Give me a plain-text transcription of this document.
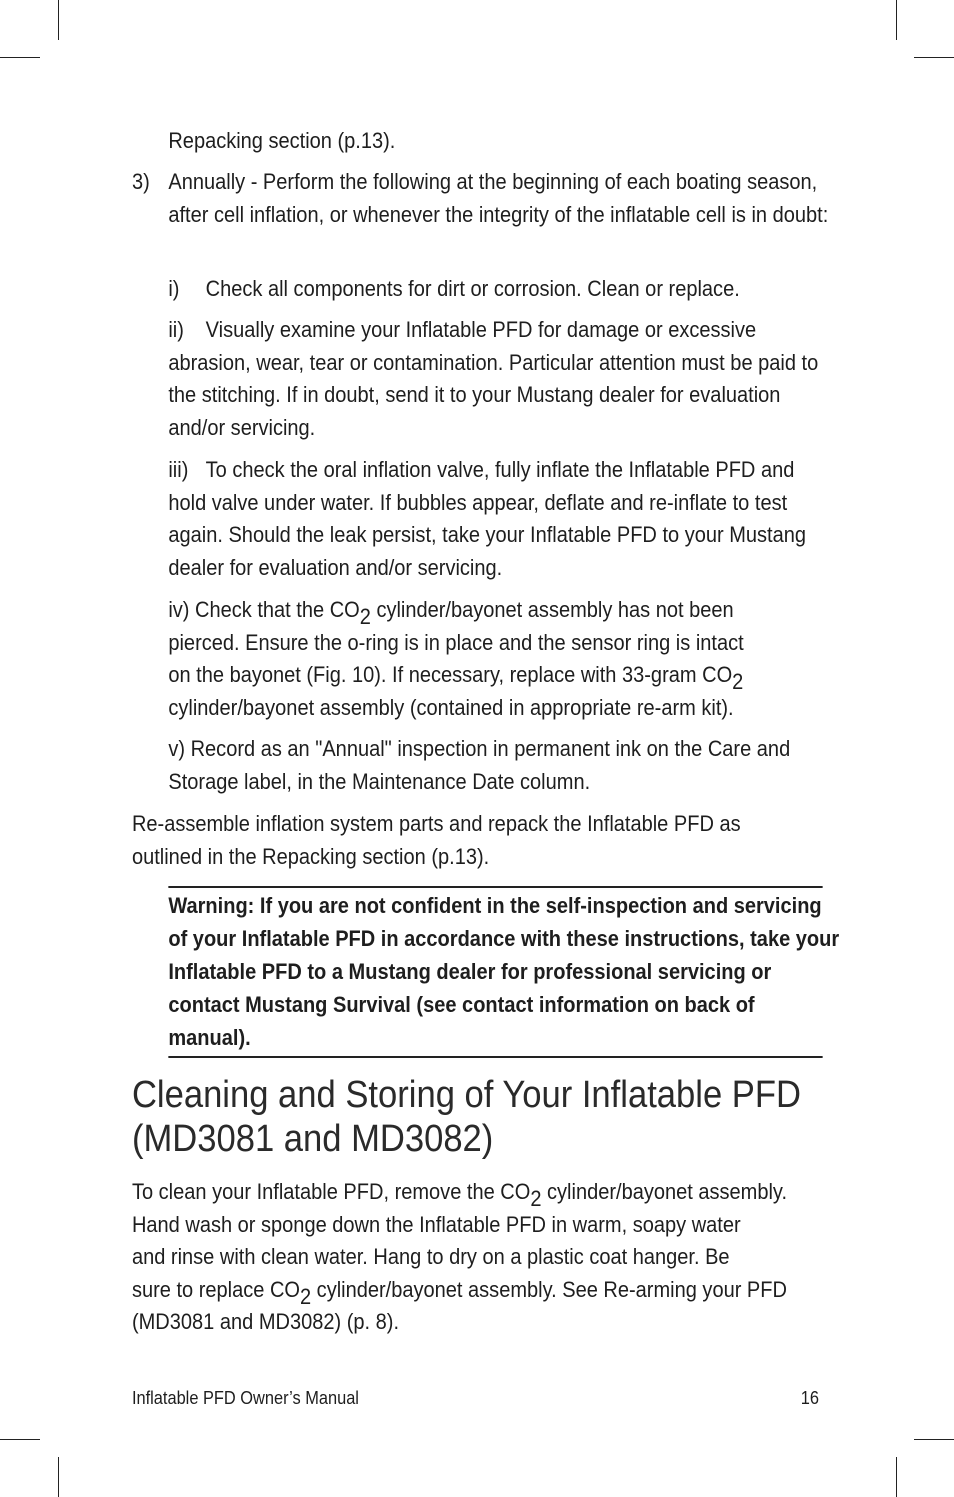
Repacking section (p.13).
3) Annually - Perform the following at the beginning of each boating season, after cell inflation, or whenever the integrity of the inflatable cell is in doubt:
i) Check all components for dirt or corrosion. Clean or replace.
ii) Visually examine your Inflatable PFD for damage or excessive abrasion, wear, tear or contamination. Particular attention must be paid to the stitching. If in doubt, send it to your Mustang dealer for evaluation and/or servicing.
iii) To check the oral inflation valve, fully inflate the Inflatable PFD and hold valve under water. If bubbles appear, deflate and re-inflate to test again. Should the leak persist, take your Inflatable PFD to your Mustang dealer for evaluation and/or servicing.
iv) Check that the $CO_2$ cylinder/bayonet assembly has not been
pierced. Ensure the o-ring is in place and the sensor ring is intact
on the bayonet (Fig. 10). If necessary, replace with 33-gram $CO_2$
cylinder/bayonet assembly (contained in appropriate re-arm kit).
v) Record as an "Annual" inspection in permanent ink on the Care and Storage label, in the Maintenance Date column.
Re-assemble inflation system parts and repack the Inflatable PFD as outlined in the Repacking section (p.13).
Warning: If you are not confident in the self-inspection and servicing of your Inflatable PFD in accordance with these instructions, take your Inflatable PFD to a Mustang dealer for professional servicing or contact Mustang Survival (see contact information on back of manual).
Cleaning and Storing of Your Inflatable PFD
(MD3081 and MD3082)
To clean your Inflatable PFD, remove the $CO_2$ cylinder/bayonet assembly.
Hand wash or sponge down the Inflatable PFD in warm, soapy water
and rinse with clean water. Hang to dry on a plastic coat hanger. Be
sure to replace $CO_2$ cylinder/bayonet assembly. See Re-arming your PFD
(MD3081 and MD3082) (p. 8).
Inflatable PFD Owner’s Manual	16
